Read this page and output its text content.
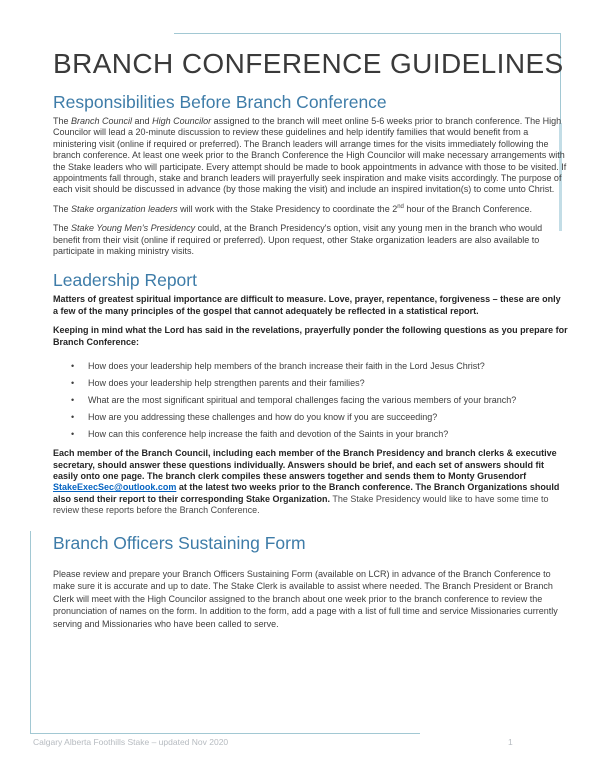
BRANCH CONFERENCE GUIDELINES
Responsibilities Before Branch Conference

The Branch Council and High Councilor assigned to the branch will meet online 5-6 weeks prior to branch conference. The High Councilor will lead a 20-minute discussion to review these guidelines and help identify families that would benefit from a ministering visit (online if required or preferred). The Branch leaders will arrange times for the visits immediately following the branch conference. At least one week prior to the Branch Conference the High Councilor will make necessary arrangements with the Stake leaders who will participate. Every attempt should be made to book appointments in advance with those to be visited. If appointments fall through, stake and branch leaders will prayerfully seek inspiration and make visits accordingly. The purpose of each visit should be discussed in advance (by those making the visit) and include an inspired invitation(s) to come unto Christ.

The Stake organization leaders will work with the Stake Presidency to coordinate the 2nd hour of the Branch Conference.

The Stake Young Men's Presidency could, at the Branch Presidency's option, visit any young men in the branch who would benefit from their visit (online if required or preferred). Upon request, other Stake organization leaders are also available to participate in making ministry visits.

Leadership Report

Matters of greatest spiritual importance are difficult to measure. Love, prayer, repentance, forgiveness – these are only a few of the many principles of the gospel that cannot adequately be reflected in a statistical report.

Keeping in mind what the Lord has said in the revelations, prayerfully ponder the following questions as you prepare for Branch Conference:

• How does your leadership help members of the branch increase their faith in the Lord Jesus Christ?
• How does your leadership help strengthen parents and their families?
• What are the most significant spiritual and temporal challenges facing the various members of your branch?
• How are you addressing these challenges and how do you know if you are succeeding?
• How can this conference help increase the faith and devotion of the Saints in your branch?

Each member of the Branch Council, including each member of the Branch Presidency and branch clerks & executive secretary, should answer these questions individually. Answers should be brief, and each set of answers should fit easily onto one page. The branch clerk compiles these answers together and sends them to Monty Grusendorf StakeExecSec@outlook.com at the latest two weeks prior to the Branch conference. The Branch Organizations should also send their report to their corresponding Stake Organization. The Stake Presidency would like to have some time to review these reports before the Branch Conference.

Branch Officers Sustaining Form

Please review and prepare your Branch Officers Sustaining Form (available on LCR) in advance of the Branch Conference to make sure it is accurate and up to date. The Stake Clerk is available to assist where needed. The Branch President or Branch Clerk will meet with the High Councilor assigned to the branch about one week prior to the branch conference to review the pronunciation of names on the form. In addition to the form, add a page with a list of full time and service Missionaries currently serving and Missionaries who have been called to serve.

Calgary Alberta Foothills Stake – updated Nov 2020	1
